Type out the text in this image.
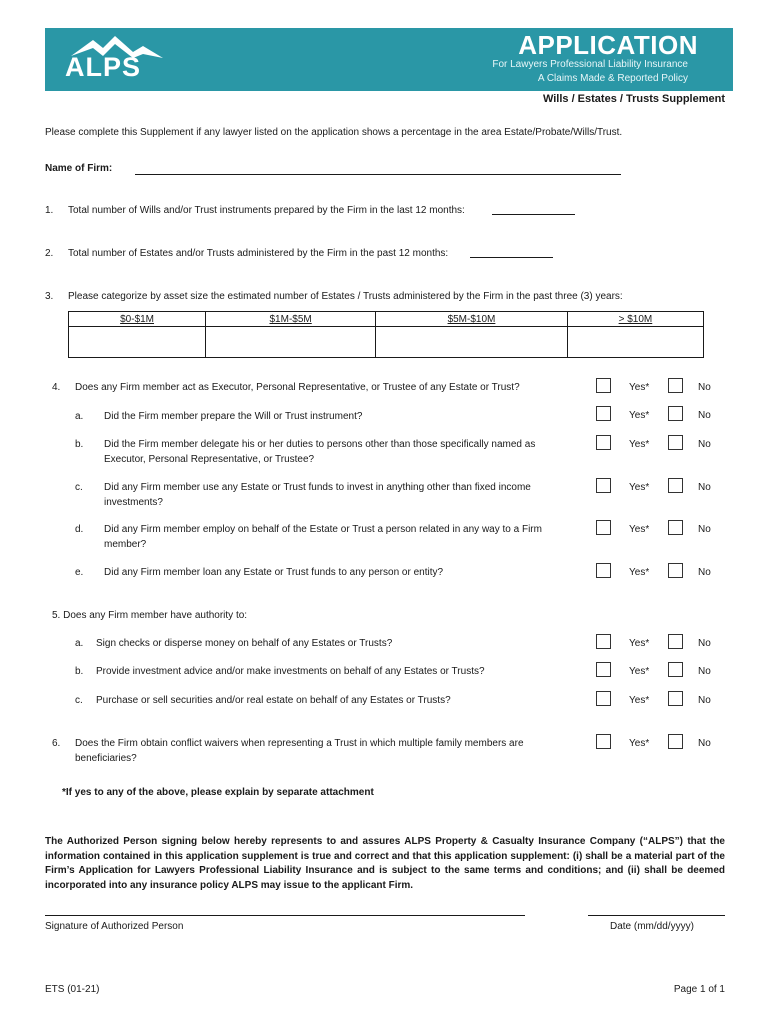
ALPS
APPLICATION
For Lawyers Professional Liability Insurance
A Claims Made & Reported Policy
Wills / Estates / Trusts Supplement
Please complete this Supplement if any lawyer listed on the application shows a percentage in the area Estate/Probate/Wills/Trust.
Name of Firm:
1. Total number of Wills and/or Trust instruments prepared by the Firm in the last 12 months:
2. Total number of Estates and/or Trusts administered by the Firm in the past 12 months:
3. Please categorize by asset size the estimated number of Estates / Trusts administered by the Firm in the past three (3) years:
$0-$1M	$1M-$5M	$5M-$10M	> $10M

4. Does any Firm member act as Executor, Personal Representative, or Trustee of any Estate or Trust?	Yes*	No
a. Did the Firm member prepare the Will or Trust instrument?	Yes*	No
b. Did the Firm member delegate his or her duties to persons other than those specifically named as
Executor, Personal Representative, or Trustee?
Yes*	No
c. Did any Firm member use any Estate or Trust funds to invest in anything other than fixed income
investments?
Yes*	No
d. Did any Firm member employ on behalf of the Estate or Trust a person related in any way to a Firm
member?
Yes*	No
e. Did any Firm member loan any Estate or Trust funds to any person or entity?	Yes*	No
5. Does any Firm member have authority to:
a. Sign checks or disperse money on behalf of any Estates or Trusts?	Yes*	No
b. Provide investment advice and/or make investments on behalf of any Estates or Trusts?	Yes*	No
c. Purchase or sell securities and/or real estate on behalf of any Estates or Trusts?	Yes*	No
6. Does the Firm obtain conflict waivers when representing a Trust in which multiple family members are
beneficiaries?
Yes*	No
*If yes to any of the above, please explain by separate attachment
The Authorized Person signing below hereby represents to and assures ALPS Property & Casualty Insurance Company (“ALPS”) that the information contained in this application supplement is true and correct and that this application supplement: (i) shall be a material part of the Firm’s Application for Lawyers Professional Liability Insurance and is subject to the same terms and conditions; and (ii) shall be deemed incorporated into any insurance policy ALPS may issue to the applicant Firm.
Signature of Authorized Person	Date (mm/dd/yyyy)
ETS (01-21)	Page 1 of 1
